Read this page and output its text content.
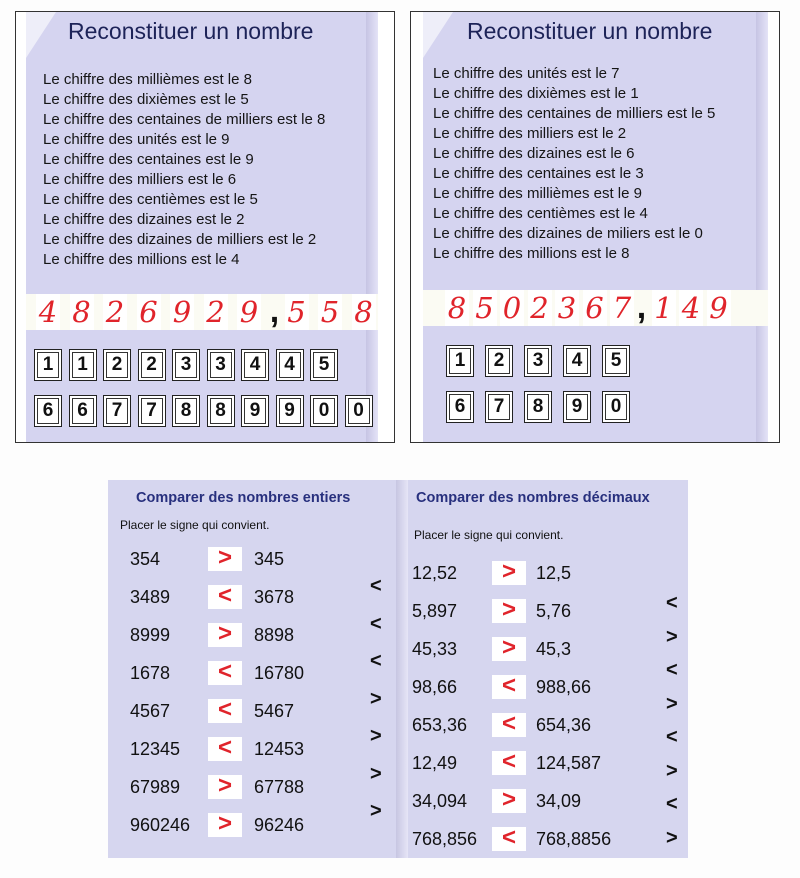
Reconstituer un nombre
Le chiffre des millièmes est le 8
Le chiffre des dixièmes est le 5
Le chiffre des centaines de milliers est le 8
Le chiffre des unités est le 9
Le chiffre des centaines est le 9
Le chiffre des milliers est le 6
Le chiffre des centièmes est le 5
Le chiffre des dizaines est le 2
Le chiffre des dizaines de milliers est le 2
Le chiffre des millions est le 4
4 8 2 6 9 2 9 , 5 5 8
1	1	2	2	3	3	4	4	5
6	6	7	7	8	8	9	9	0	0
Reconstituer un nombre
Le chiffre des unités est le 7
Le chiffre des dixièmes est le 1
Le chiffre des centaines de milliers est le 5
Le chiffre des milliers est le 2
Le chiffre des dizaines est le 6
Le chiffre des centaines est le 3
Le chiffre des millièmes est le 9
Le chiffre des centièmes est le 4
Le chiffre des dizaines de miliers est le 0
Le chiffre des millions est le 8
8 5 0 2 3 6 7 , 1 4 9
1	2	3	4	5
6	7	8	9	0
Comparer des nombres entiers
Placer le signe qui convient.
354	>	345
3489	<	3678
8999	>	8898
1678	<	16780
4567	<	5467
12345	<	12453
67989	>	67788
960246	>	96246
<
<
<
>
>
>
>
Comparer des nombres décimaux
Placer le signe qui convient.
12,52	>	12,5
5,897	>	5,76
45,33	>	45,3
98,66	<	988,66
653,36	<	654,36
12,49	<	124,587
34,094	>	34,09
768,856	<	768,8856
<
>
<
>
<
>
<
>
